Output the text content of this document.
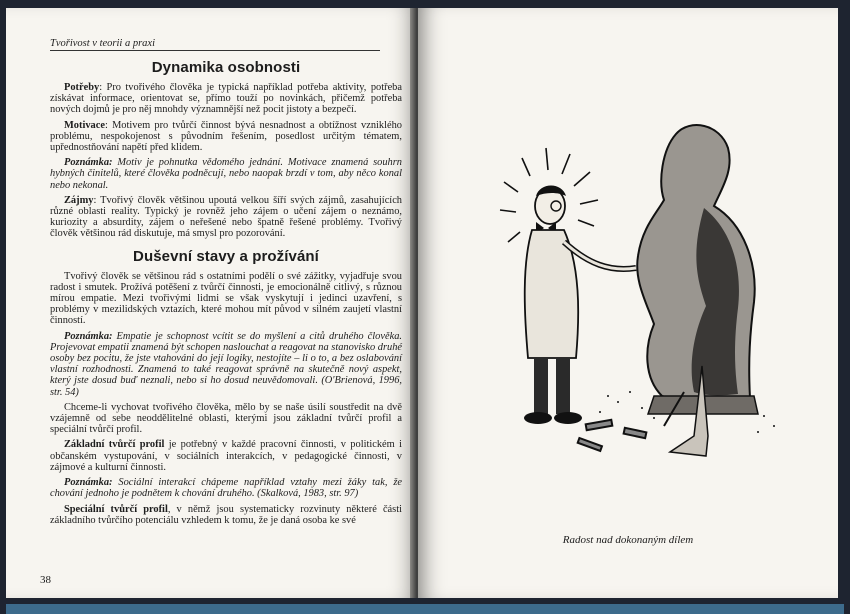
Tvořivost v teorii a praxi
Dynamika osobnosti

Potřeby: Pro tvořivého člověka je typická například potřeba aktivity, potřeba získávat informace, orientovat se, přímo touží po novinkách, přičemž potřeba nových dojmů je pro něj mnohdy významnější než pocit jistoty a bezpečí.

Motivace: Motivem pro tvůrčí činnost bývá nesnadnost a obtížnost vzniklého problému, nespokojenost s původním řešením, posedlost určitým tématem, upřednostňování napětí před klidem.

Poznámka: Motiv je pohnutka vědomého jednání. Motivace znamená souhrn hybných činitelů, které člověka podněcují, nebo naopak brzdí v tom, aby něco konal nebo nekonal.

Zájmy: Tvořivý člověk většinou upoutá velkou šíří svých zájmů, zasahujících různé oblasti reality. Typický je rovněž jeho zájem o učení zájem o neznámo, kuriozity a absurdity, zájem o neřešené nebo špatně řešené problémy. Tvořivý člověk většinou rád diskutuje, má smysl pro pozorování.

Duševní stavy a prožívání

Tvořivý člověk se většinou rád s ostatními podělí o své zážitky, vyjadřuje svou radost i smutek. Prožívá potěšení z tvůrčí činnosti, je emocionálně citlivý, s různou mírou empatie. Mezi tvořivými lidmi se však vyskytují i jedinci uzavření, s problémy v mezilidských vztazích, které mohou mít původ v silném zaujetí vlastní činností.

Poznámka: Empatie je schopnost vcítit se do myšlení a citů druhého člověka. Projevovat empatii znamená být schopen naslouchat a reagovat na stanovisko druhé osoby bez pocitu, že jste vtahováni do její logiky, nestojíte – li o to, a bez oslabování vlastní rozhodnosti. Znamená to také reagovat správně na skutečně nový aspekt, který jste dosud buď neznali, nebo si ho dosud neuvědomovali. (O'Brienová, 1996, str. 54)

Chceme-li vychovat tvořivého člověka, mělo by se naše úsilí soustředit na dvě vzájemně od sebe neoddělitelné oblasti, kterými jsou základní tvůrčí profil a speciální tvůrčí profil.

Základní tvůrčí profil je potřebný v každé pracovní činnosti, v politickém i občanském vystupování, v sociálních interakcích, v pedagogické činnosti, v zájmové a kulturní činnosti.

Poznámka: Sociální interakcí chápeme například vztahy mezi žáky tak, že chování jednoho je podnětem k chování druhého. (Skalková, 1983, str. 97)

Speciální tvůrčí profil, v němž jsou systematicky rozvinuty některé části základního tvůrčího potenciálu vzhledem k tomu, že je daná osoba ke své

38
Radost nad dokonaným dílem
